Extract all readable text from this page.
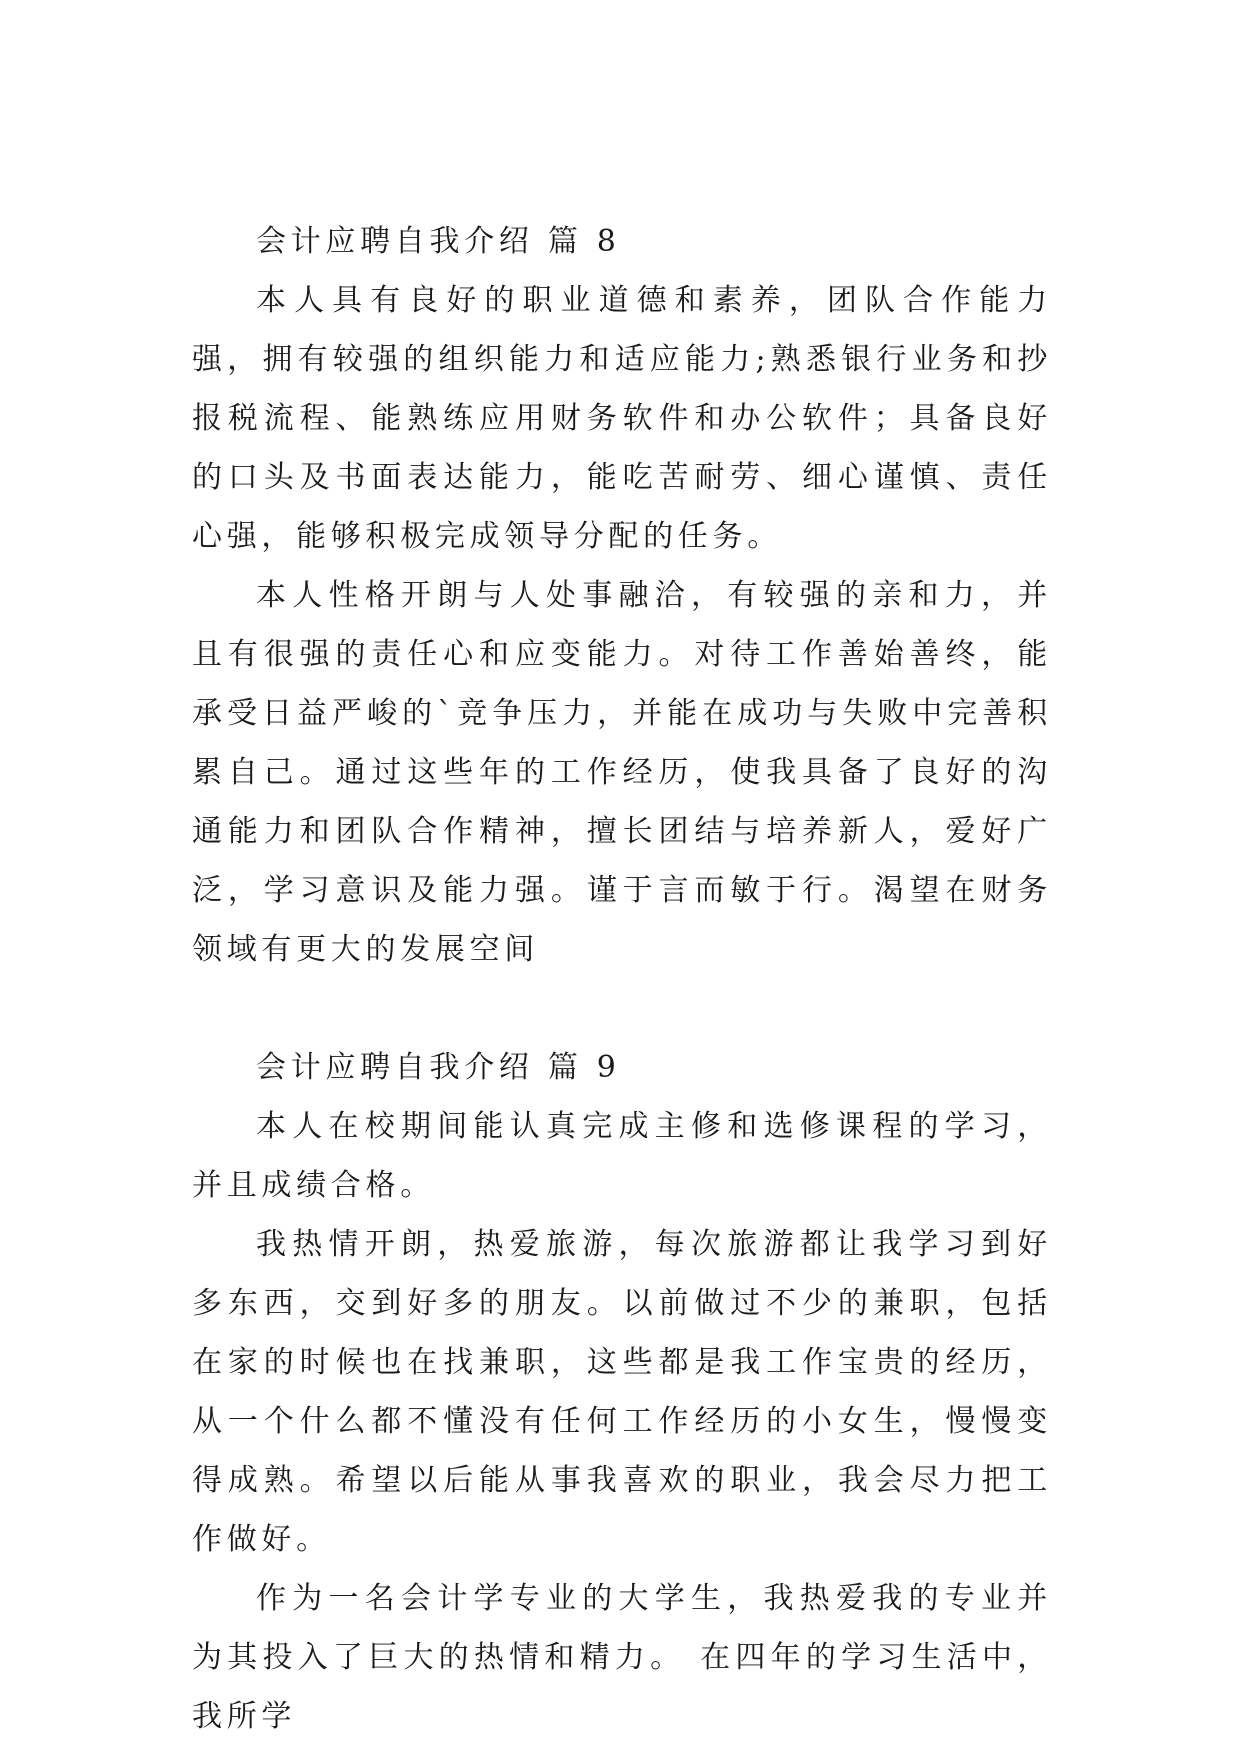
会计应聘自我介绍 篇 8

本人具有良好的职业道德和素养，团队合作能力强，拥有较强的组织能力和适应能力;熟悉银行业务和抄报税流程、能熟练应用财务软件和办公软件；具备良好的口头及书面表达能力，能吃苦耐劳、细心谨慎、责任心强，能够积极完成领导分配的任务。

本人性格开朗与人处事融洽，有较强的亲和力，并且有很强的责任心和应变能力。对待工作善始善终，能承受日益严峻的`竞争压力，并能在成功与失败中完善积累自己。通过这些年的工作经历，使我具备了良好的沟通能力和团队合作精神，擅长团结与培养新人，爱好广泛，学习意识及能力强。谨于言而敏于行。渴望在财务领域有更大的发展空间

会计应聘自我介绍 篇 9

本人在校期间能认真完成主修和选修课程的学习，并且成绩合格。

我热情开朗，热爱旅游，每次旅游都让我学习到好多东西，交到好多的朋友。以前做过不少的兼职，包括在家的时候也在找兼职，这些都是我工作宝贵的经历，从一个什么都不懂没有任何工作经历的小女生，慢慢变得成熟。希望以后能从事我喜欢的职业，我会尽力把工作做好。

作为一名会计学专业的大学生，我热爱我的专业并为其投入了巨大的热情和精力。 在四年的学习生活中，我所学
